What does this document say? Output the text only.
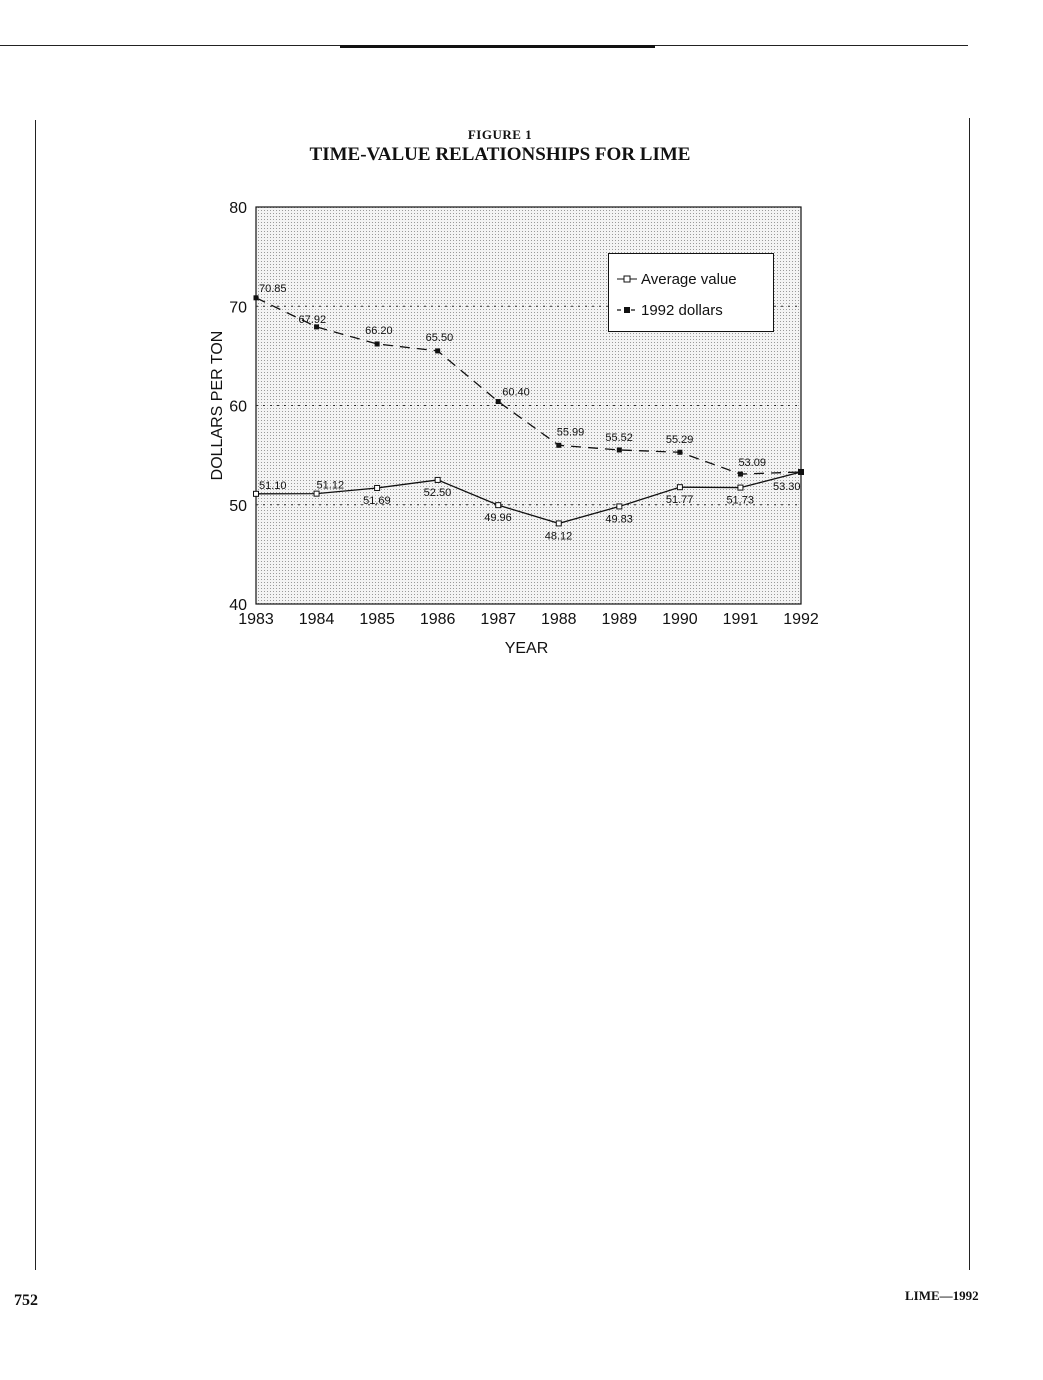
FIGURE 1
TIME-VALUE RELATIONSHIPS FOR LIME
40
50
60
70
80
1983 1984 1985 1986 1987 1988 1989 1990 1991 1992
51.10	51.12
51.69
52.50
49.96
48.12
49.83
51.77	51.73
70.85
67.92
66.20
65.50
60.40
55.99 55.52	55.29
53.09
53.30
DOLLARS PER TON
YEAR
Average value
1992 dollars
752	LIME—1992
